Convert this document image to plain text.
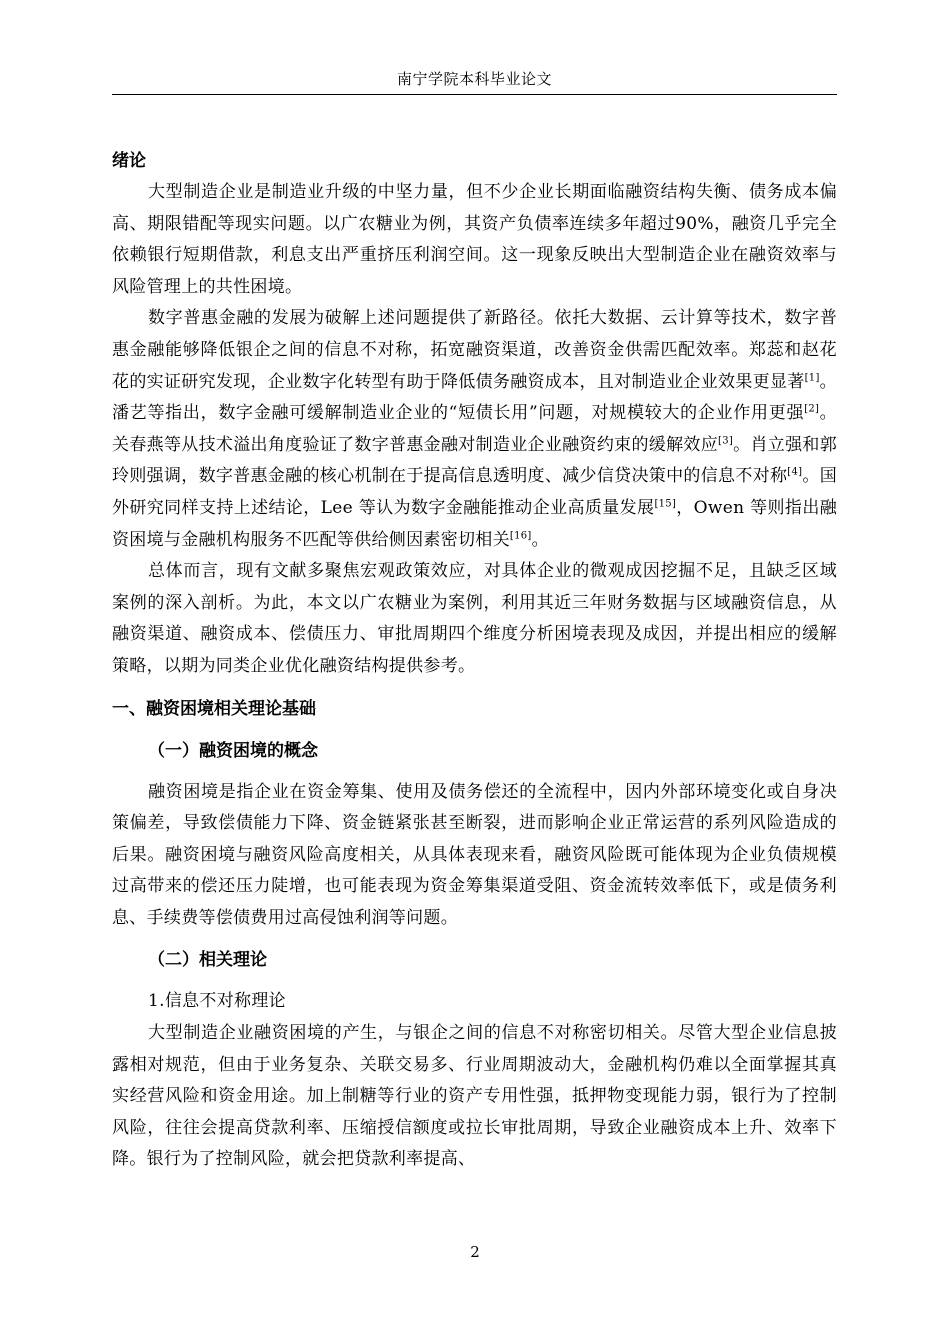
南宁学院本科毕业论文
绪论

大型制造企业是制造业升级的中坚力量，但不少企业长期面临融资结构失衡、债务成本偏高、期限错配等现实问题。以广农糖业为例，其资产负债率连续多年超过90%，融资几乎完全依赖银行短期借款，利息支出严重挤压利润空间。这一现象反映出大型制造企业在融资效率与风险管理上的共性困境。

数字普惠金融的发展为破解上述问题提供了新路径。依托大数据、云计算等技术，数字普惠金融能够降低银企之间的信息不对称，拓宽融资渠道，改善资金供需匹配效率。郑蕊和赵花花的实证研究发现，企业数字化转型有助于降低债务融资成本，且对制造业企业效果更显著[1]。潘艺等指出，数字金融可缓解制造业企业的“短债长用”问题，对规模较大的企业作用更强[2]。关春燕等从技术溢出角度验证了数字普惠金融对制造业企业融资约束的缓解效应[3]。肖立强和郭玲则强调，数字普惠金融的核心机制在于提高信息透明度、减少信贷决策中的信息不对称[4]。国外研究同样支持上述结论，Lee 等认为数字金融能推动企业高质量发展[15]，Owen 等则指出融资困境与金融机构服务不匹配等供给侧因素密切相关[16]。

总体而言，现有文献多聚焦宏观政策效应，对具体企业的微观成因挖掘不足，且缺乏区域案例的深入剖析。为此，本文以广农糖业为案例，利用其近三年财务数据与区域融资信息，从融资渠道、融资成本、偿债压力、审批周期四个维度分析困境表现及成因，并提出相应的缓解策略，以期为同类企业优化融资结构提供参考。

一、融资困境相关理论基础
（一）融资困境的概念

融资困境是指企业在资金筹集、使用及债务偿还的全流程中，因内外部环境变化或自身决策偏差，导致偿债能力下降、资金链紧张甚至断裂，进而影响企业正常运营的系列风险造成的后果。融资困境与融资风险高度相关，从具体表现来看，融资风险既可能体现为企业负债规模过高带来的偿还压力陡增，也可能表现为资金筹集渠道受阻、资金流转效率低下，或是债务利息、手续费等偿债费用过高侵蚀利润等问题。

（二）相关理论

1.信息不对称理论

大型制造企业融资困境的产生，与银企之间的信息不对称密切相关。尽管大型企业信息披露相对规范，但由于业务复杂、关联交易多、行业周期波动大，金融机构仍难以全面掌握其真实经营风险和资金用途。加上制糖等行业的资产专用性强，抵押物变现能力弱，银行为了控制风险，往往会提高贷款利率、压缩授信额度或拉长审批周期，导致企业融资成本上升、效率下降。银行为了控制风险，就会把贷款利率提高、

2
